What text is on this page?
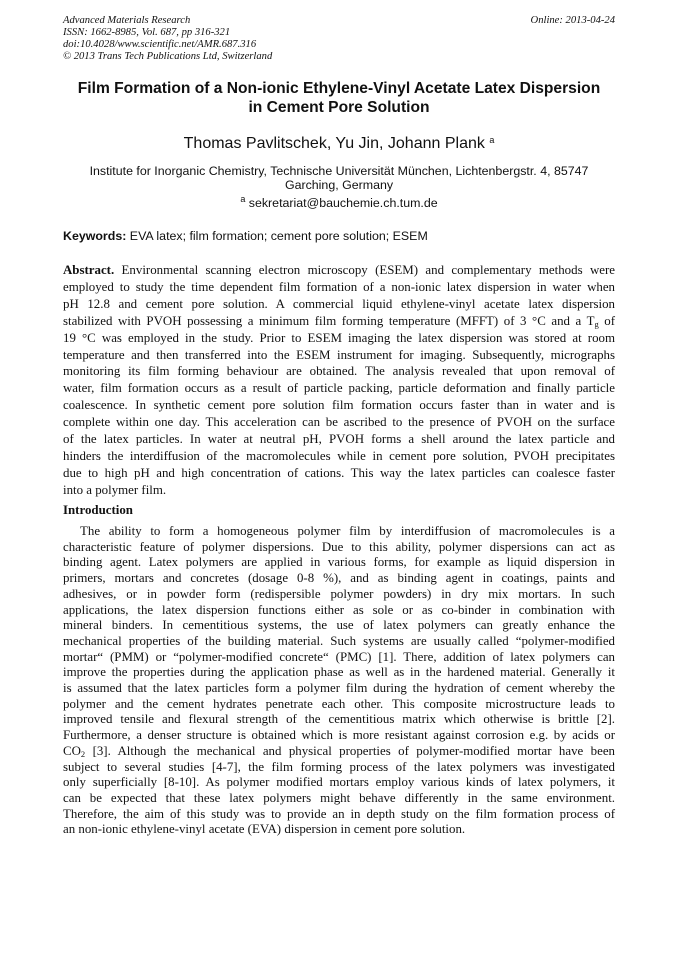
Advanced Materials Research
ISSN: 1662-8985, Vol. 687, pp 316-321
doi:10.4028/www.scientific.net/AMR.687.316
© 2013 Trans Tech Publications Ltd, Switzerland
Online: 2013-04-24
Film Formation of a Non-ionic Ethylene-Vinyl Acetate Latex Dispersion
in Cement Pore Solution
Thomas Pavlitschek, Yu Jin, Johann Plank $^a$
Institute for Inorganic Chemistry, Technische Universität München, Lichtenbergstr. 4, 85747
Garching, Germany
$^a$ sekretariat@bauchemie.ch.tum.de
Keywords: EVA latex; film formation; cement pore solution; ESEM
Abstract. Environmental scanning electron microscopy (ESEM) and complementary methods were
employed to study the time dependent film formation of a non-ionic latex dispersion in water when
pH 12.8 and cement pore solution. A commercial liquid ethylene-vinyl acetate latex dispersion
stabilized with PVOH possessing a minimum film forming temperature (MFFT) of 3 °C and a $T_g$ of
19 °C was employed in the study. Prior to ESEM imaging the latex dispersion was stored at room
temperature and then transferred into the ESEM instrument for imaging. Subsequently, micrographs
monitoring its film forming behaviour are obtained. The analysis revealed that upon removal of
water, film formation occurs as a result of particle packing, particle deformation and finally particle
coalescence. In synthetic cement pore solution film formation occurs faster than in water and is
complete within one day. This acceleration can be ascribed to the presence of PVOH on the surface
of the latex particles. In water at neutral pH, PVOH forms a shell around the latex particle and
hinders the interdiffusion of the macromolecules while in cement pore solution, PVOH precipitates
due to high pH and high concentration of cations. This way the latex particles can coalesce faster
into a polymer film.
Introduction
The ability to form a homogeneous polymer film by interdiffusion of macromolecules is a
characteristic feature of polymer dispersions. Due to this ability, polymer dispersions can act as
binding agent. Latex polymers are applied in various forms, for example as liquid dispersion in
primers, mortars and concretes (dosage 0-8 %), and as binding agent in coatings, paints and
adhesives, or in powder form (redispersible polymer powders) in dry mix mortars. In such
applications, the latex dispersion functions either as sole or as co-binder in combination with
mineral binders. In cementitious systems, the use of latex polymers can greatly enhance the
mechanical properties of the building material. Such systems are usually called “polymer-modified
mortar“ (PMM) or “polymer-modified concrete“ (PMC) [1]. There, addition of latex polymers can
improve the properties during the application phase as well as in the hardened material. Generally it
is assumed that the latex particles form a polymer film during the hydration of cement whereby the
polymer and the cement hydrates penetrate each other. This composite microstructure leads to
improved tensile and flexural strength of the cementitious matrix which otherwise is brittle [2].
Furthermore, a denser structure is obtained which is more resistant against corrosion e.g. by acids or
$CO_2$ [3]. Although the mechanical and physical properties of polymer-modified mortar have been
subject to several studies [4-7], the film forming process of the latex polymers was investigated
only superficially [8-10]. As polymer modified mortars employ various kinds of latex polymers, it
can be expected that these latex polymers might behave differently in the same environment.
Therefore, the aim of this study was to provide an in depth study on the film formation process of
an non-ionic ethylene-vinyl acetate (EVA) dispersion in cement pore solution.
